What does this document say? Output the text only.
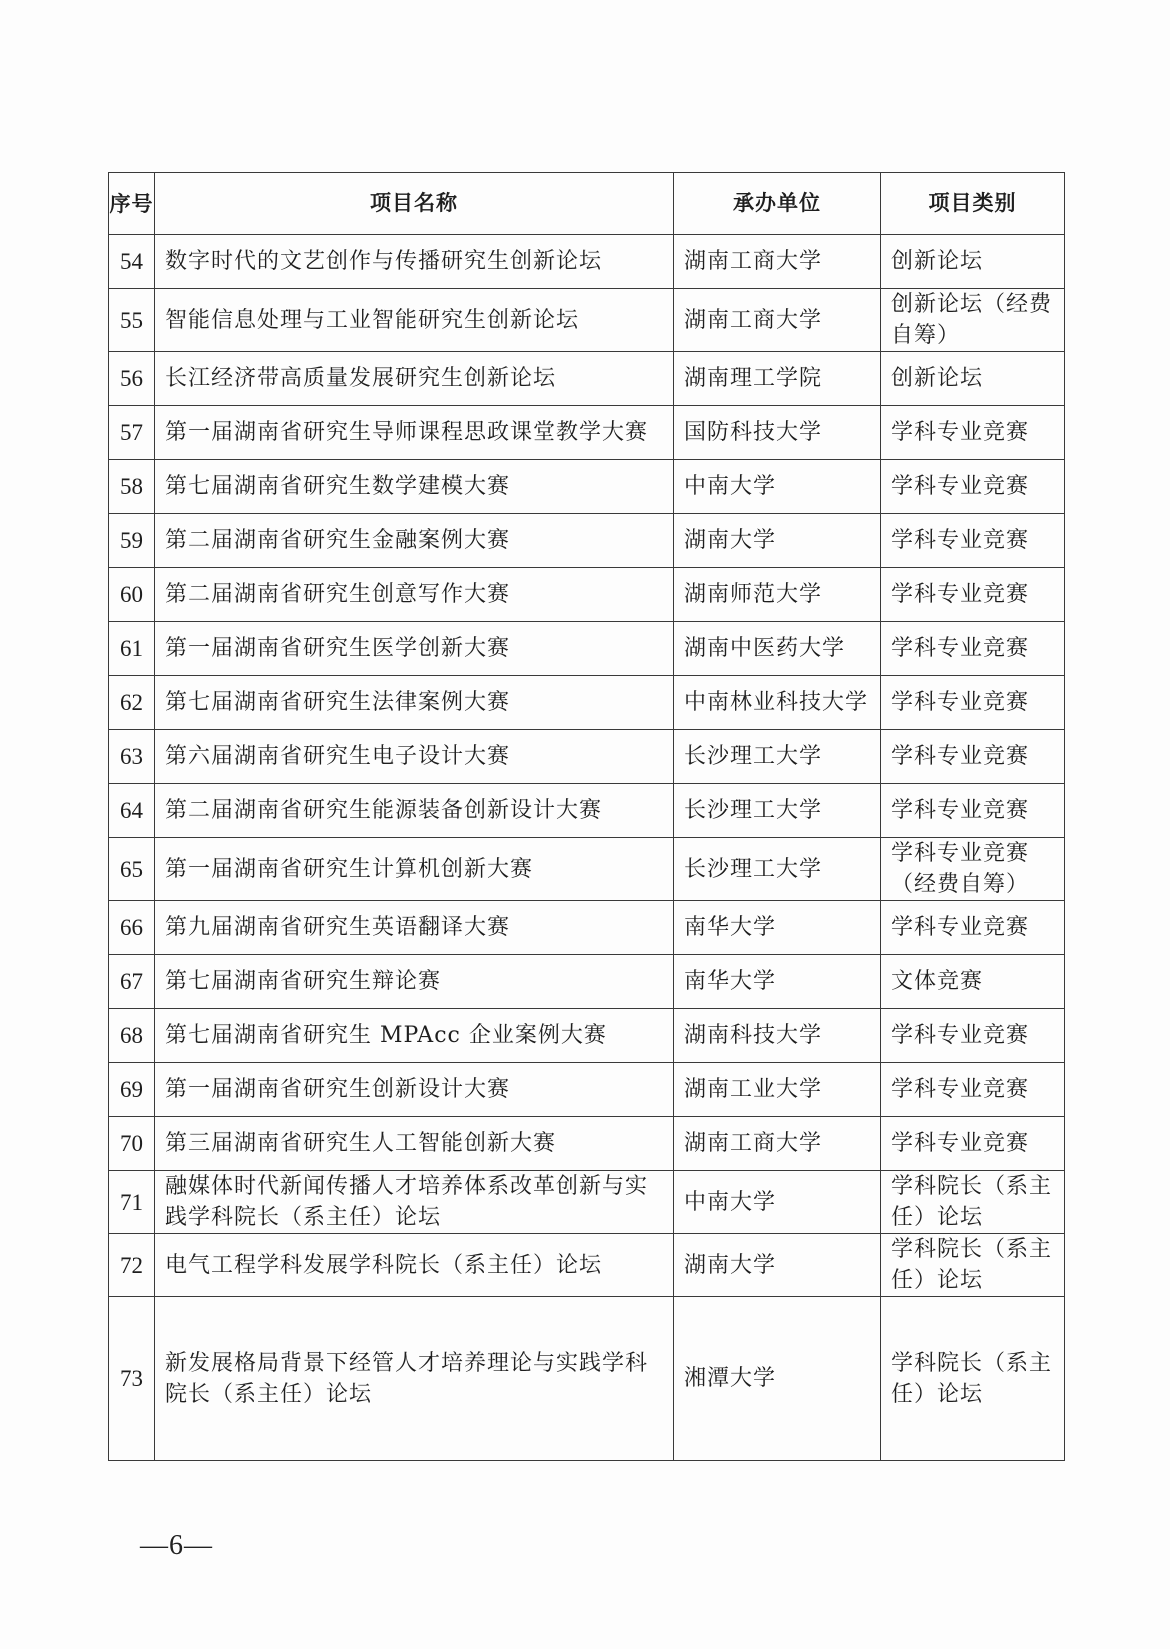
序号	项目名称	承办单位	项目类别
54	数字时代的文艺创作与传播研究生创新论坛	湖南工商大学	创新论坛
55	智能信息处理与工业智能研究生创新论坛	湖南工商大学	创新论坛（经费自筹）
56	长江经济带高质量发展研究生创新论坛	湖南理工学院	创新论坛
57	第一届湖南省研究生导师课程思政课堂教学大赛	国防科技大学	学科专业竞赛
58	第七届湖南省研究生数学建模大赛	中南大学	学科专业竞赛
59	第二届湖南省研究生金融案例大赛	湖南大学	学科专业竞赛
60	第二届湖南省研究生创意写作大赛	湖南师范大学	学科专业竞赛
61	第一届湖南省研究生医学创新大赛	湖南中医药大学	学科专业竞赛
62	第七届湖南省研究生法律案例大赛	中南林业科技大学	学科专业竞赛
63	第六届湖南省研究生电子设计大赛	长沙理工大学	学科专业竞赛
64	第二届湖南省研究生能源装备创新设计大赛	长沙理工大学	学科专业竞赛
65	第一届湖南省研究生计算机创新大赛	长沙理工大学	学科专业竞赛（经费自筹）
66	第九届湖南省研究生英语翻译大赛	南华大学	学科专业竞赛
67	第七届湖南省研究生辩论赛	南华大学	文体竞赛
68	第七届湖南省研究生 MPAcc 企业案例大赛	湖南科技大学	学科专业竞赛
69	第一届湖南省研究生创新设计大赛	湖南工业大学	学科专业竞赛
70	第三届湖南省研究生人工智能创新大赛	湖南工商大学	学科专业竞赛
71	融媒体时代新闻传播人才培养体系改革创新与实践学科院长（系主任）论坛	中南大学	学科院长（系主任）论坛
72	电气工程学科发展学科院长（系主任）论坛	湖南大学	学科院长（系主任）论坛
73	新发展格局背景下经管人才培养理论与实践学科院长（系主任）论坛	湘潭大学	学科院长（系主任）论坛
—6—
